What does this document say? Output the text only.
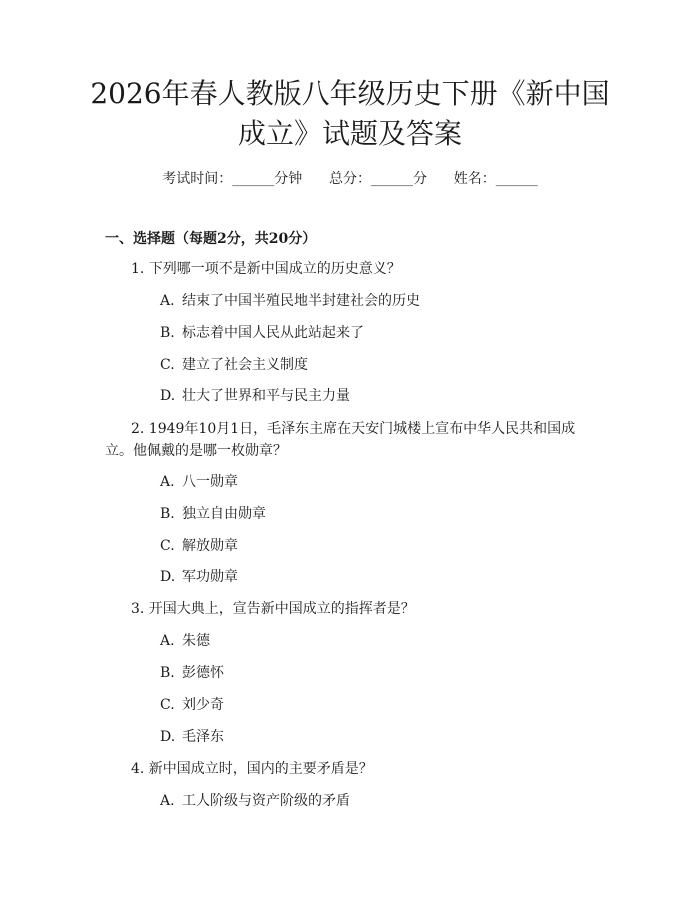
2026年春人教版八年级历史下册《新中国成立》试题及答案
考试时间：______分钟      总分：______分      姓名：______
一、选择题（每题2分，共20分）

1. 下列哪一项不是新中国成立的历史意义？

A. 结束了中国半殖民地半封建社会的历史
B. 标志着中国人民从此站起来了
C. 建立了社会主义制度
D. 壮大了世界和平与民主力量

2. 1949年10月1日，毛泽东主席在天安门城楼上宣布中华人民共和国成立。他佩戴的是哪一枚勋章？

A. 八一勋章
B. 独立自由勋章
C. 解放勋章
D. 军功勋章

3. 开国大典上，宣告新中国成立的指挥者是？

A. 朱德
B. 彭德怀
C. 刘少奇
D. 毛泽东

4. 新中国成立时，国内的主要矛盾是？

A. 工人阶级与资产阶级的矛盾
